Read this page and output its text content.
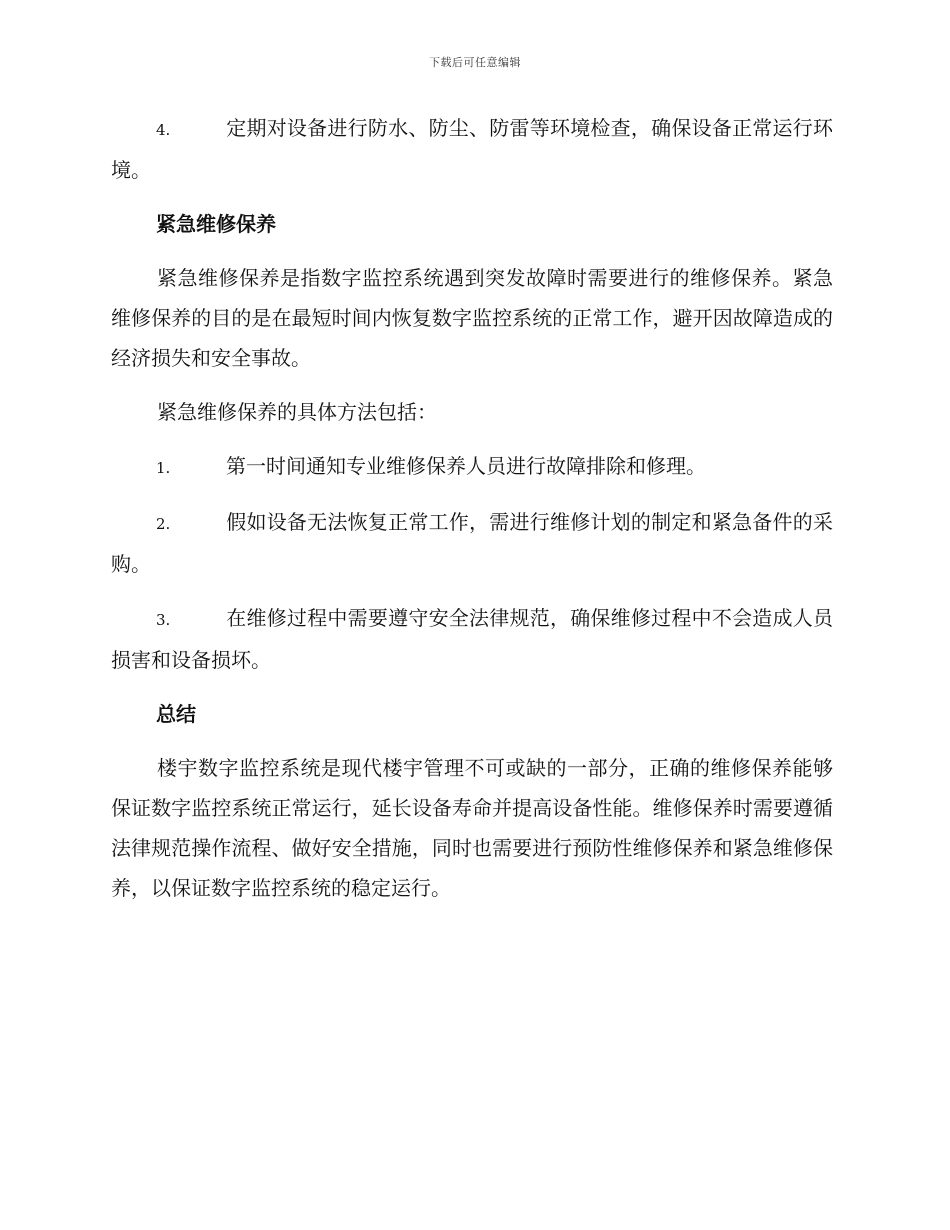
下载后可任意编辑

4.	定期对设备进行防水、防尘、防雷等环境检查，确保设备正常运行环境。

紧急维修保养

紧急维修保养是指数字监控系统遇到突发故障时需要进行的维修保养。紧急维修保养的目的是在最短时间内恢复数字监控系统的正常工作，避开因故障造成的经济损失和安全事故。

紧急维修保养的具体方法包括：

1.	第一时间通知专业维修保养人员进行故障排除和修理。

2.	假如设备无法恢复正常工作，需进行维修计划的制定和紧急备件的采购。

3.	在维修过程中需要遵守安全法律规范，确保维修过程中不会造成人员损害和设备损坏。

总结

楼宇数字监控系统是现代楼宇管理不可或缺的一部分，正确的维修保养能够保证数字监控系统正常运行，延长设备寿命并提高设备性能。维修保养时需要遵循法律规范操作流程、做好安全措施，同时也需要进行预防性维修保养和紧急维修保养，以保证数字监控系统的稳定运行。
